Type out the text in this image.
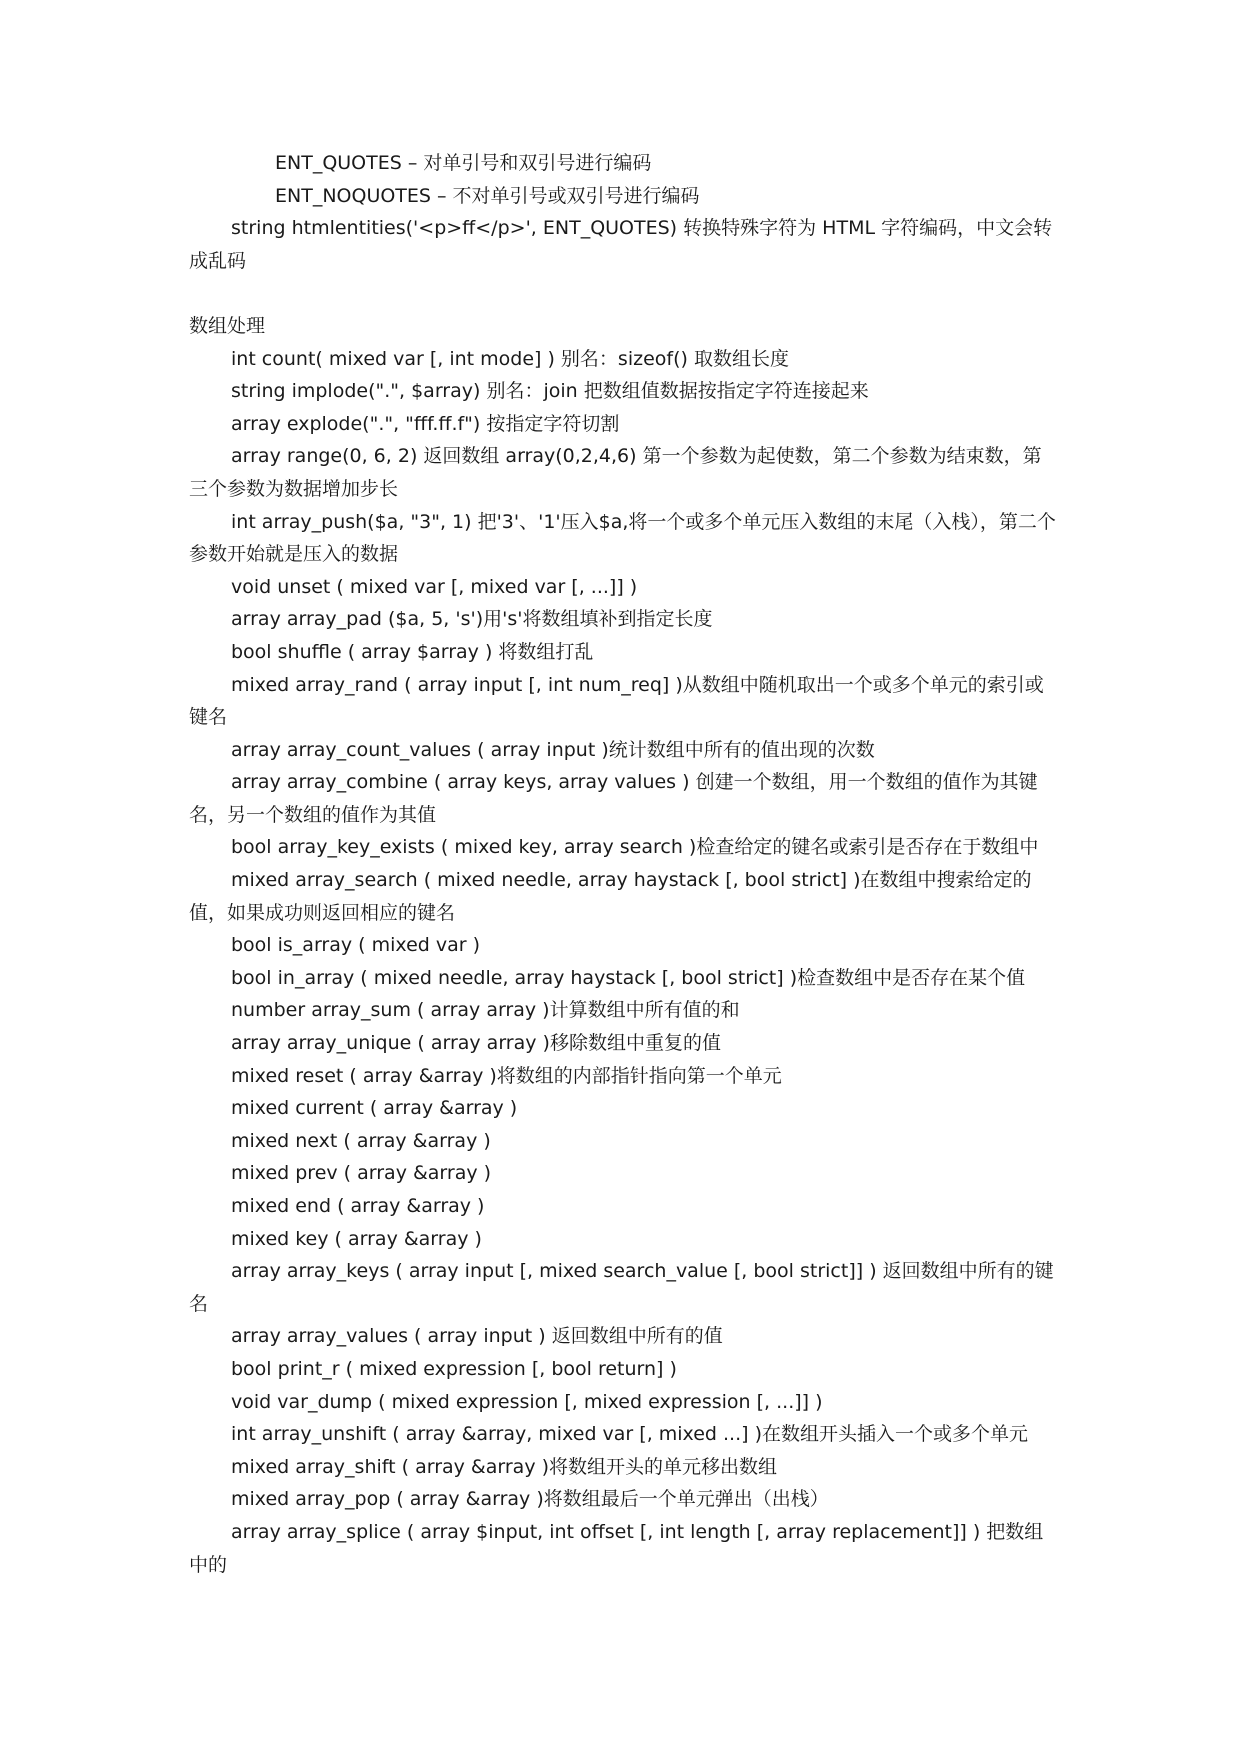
ENT_QUOTES – 对单引号和双引号进行编码

ENT_NOQUOTES – 不对单引号或双引号进行编码

string htmlentities('<p>ff</p>', ENT_QUOTES) 转换特殊字符为 HTML 字符编码，中文会转成乱码

数组处理

int count( mixed var [, int mode] ) 别名：sizeof() 取数组长度

string implode(".", $array) 别名：join 把数组值数据按指定字符连接起来

array explode(".", "fff.ff.f") 按指定字符切割

array range(0, 6, 2) 返回数组 array(0,2,4,6) 第一个参数为起使数，第二个参数为结束数，第三个参数为数据增加步长

int array_push($a, "3", 1) 把'3'、'1'压入$a,将一个或多个单元压入数组的末尾（入栈），第二个参数开始就是压入的数据

void unset ( mixed var [, mixed var [, ...]] )

array array_pad ($a, 5, 's')用's'将数组填补到指定长度

bool shuffle ( array $array ) 将数组打乱

mixed array_rand ( array input [, int num_req] )从数组中随机取出一个或多个单元的索引或键名

array array_count_values ( array input )统计数组中所有的值出现的次数

array array_combine ( array keys, array values ) 创建一个数组，用一个数组的值作为其键名，另一个数组的值作为其值

bool array_key_exists ( mixed key, array search )检查给定的键名或索引是否存在于数组中

mixed array_search ( mixed needle, array haystack [, bool strict] )在数组中搜索给定的值，如果成功则返回相应的键名

bool is_array ( mixed var )

bool in_array ( mixed needle, array haystack [, bool strict] )检查数组中是否存在某个值

number array_sum ( array array )计算数组中所有值的和

array array_unique ( array array )移除数组中重复的值

mixed reset ( array &array )将数组的内部指针指向第一个单元

mixed current ( array &array )

mixed next ( array &array )

mixed prev ( array &array )

mixed end ( array &array )

mixed key ( array &array )

array array_keys ( array input [, mixed search_value [, bool strict]] ) 返回数组中所有的键名

array array_values ( array input ) 返回数组中所有的值

bool print_r ( mixed expression [, bool return] )

void var_dump ( mixed expression [, mixed expression [, ...]] )

int array_unshift ( array &array, mixed var [, mixed ...] )在数组开头插入一个或多个单元

mixed array_shift ( array &array )将数组开头的单元移出数组

mixed array_pop ( array &array )将数组最后一个单元弹出（出栈）

array array_splice ( array $input, int offset [, int length [, array replacement]] ) 把数组中的
